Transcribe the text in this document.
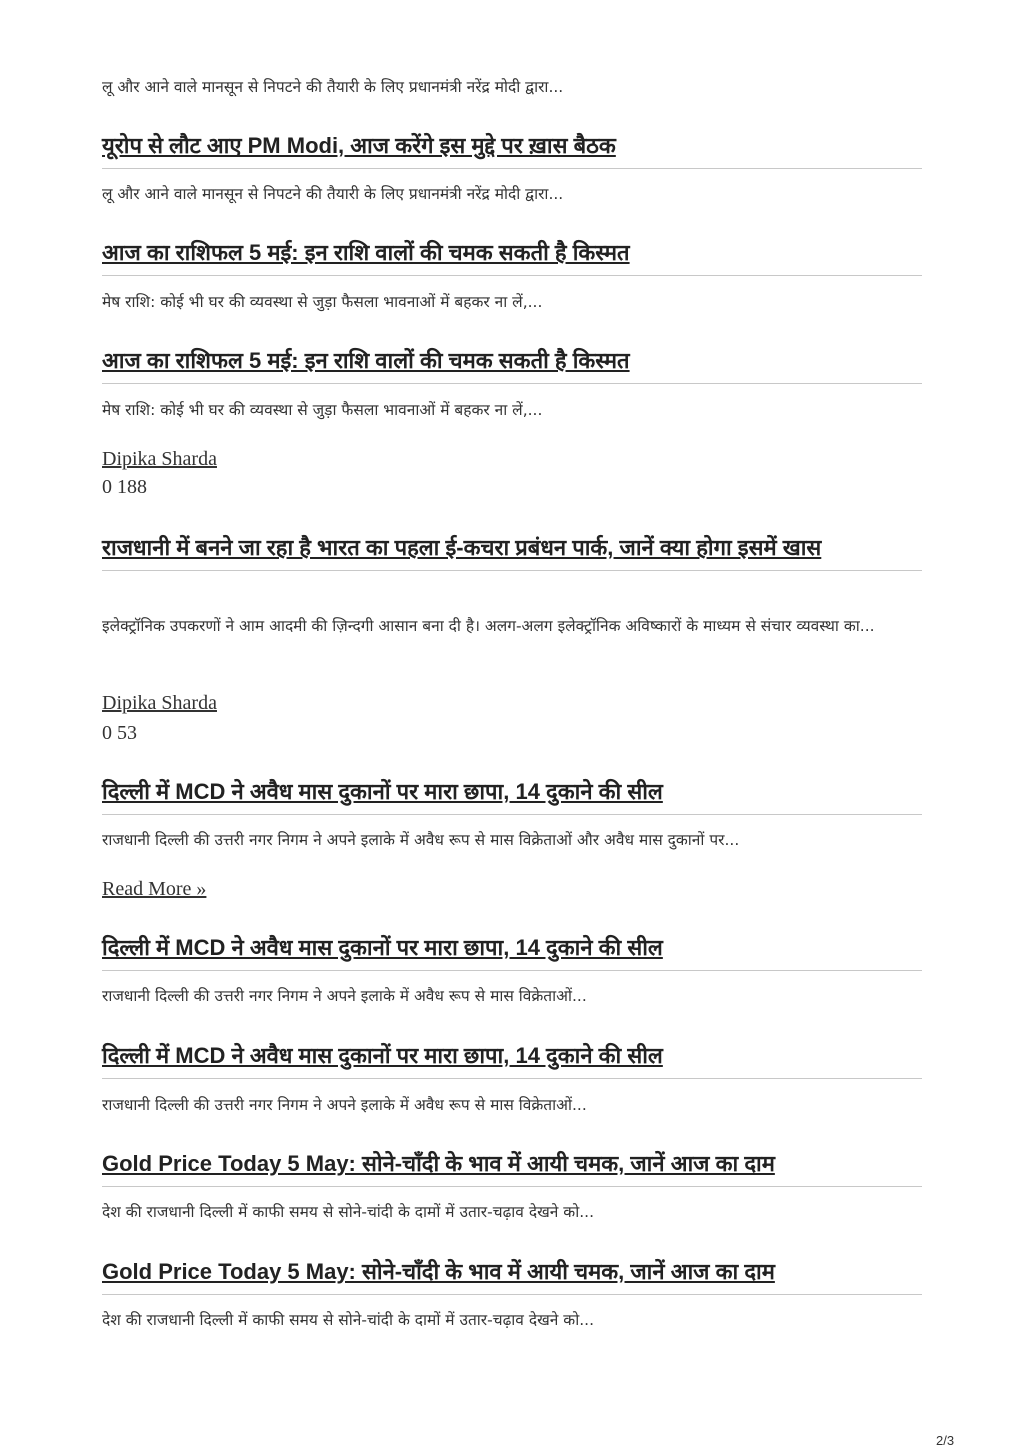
लू और आने वाले मानसून से निपटने की तैयारी के लिए प्रधानमंत्री नरेंद्र मोदी द्वारा...

यूरोप से लौट आए PM Modi, आज करेंगे इस मुद्दे पर ख़ास बैठक

लू और आने वाले मानसून से निपटने की तैयारी के लिए प्रधानमंत्री नरेंद्र मोदी द्वारा...

आज का राशिफल 5 मई: इन राशि वालों की चमक सकती है किस्मत

मेष राशि: कोई भी घर की व्यवस्था से जुड़ा फैसला भावनाओं में बहकर ना लें,...

आज का राशिफल 5 मई: इन राशि वालों की चमक सकती है किस्मत

मेष राशि: कोई भी घर की व्यवस्था से जुड़ा फैसला भावनाओं में बहकर ना लें,...

Dipika Sharda
0 188
राजधानी में बनने जा रहा है भारत का पहला ई-कचरा प्रबंधन पार्क, जानें क्या होगा इसमें खास

इलेक्ट्रॉनिक उपकरणों ने आम आदमी की ज़िन्दगी आसान बना दी है। अलग-अलग इलेक्ट्रॉनिक अविष्कारों के माध्यम से संचार व्यवस्था का...

Dipika Sharda
0 53
दिल्ली में MCD ने अवैध मास दुकानों पर मारा छापा, 14 दुकाने की सील

राजधानी दिल्ली की उत्तरी नगर निगम ने अपने इलाके में अवैध रूप से मास विक्रेताओं और अवैध मास दुकानों पर...

Read More »
दिल्ली में MCD ने अवैध मास दुकानों पर मारा छापा, 14 दुकाने की सील

राजधानी दिल्ली की उत्तरी नगर निगम ने अपने इलाके में अवैध रूप से मास विक्रेताओं...

दिल्ली में MCD ने अवैध मास दुकानों पर मारा छापा, 14 दुकाने की सील

राजधानी दिल्ली की उत्तरी नगर निगम ने अपने इलाके में अवैध रूप से मास विक्रेताओं...

Gold Price Today 5 May: सोने-चाँदी के भाव में आयी चमक, जानें आज का दाम

देश की राजधानी दिल्ली में काफी समय से सोने-चांदी के दामों में उतार-चढ़ाव देखने को...

Gold Price Today 5 May: सोने-चाँदी के भाव में आयी चमक, जानें आज का दाम

देश की राजधानी दिल्ली में काफी समय से सोने-चांदी के दामों में उतार-चढ़ाव देखने को...

2/3
